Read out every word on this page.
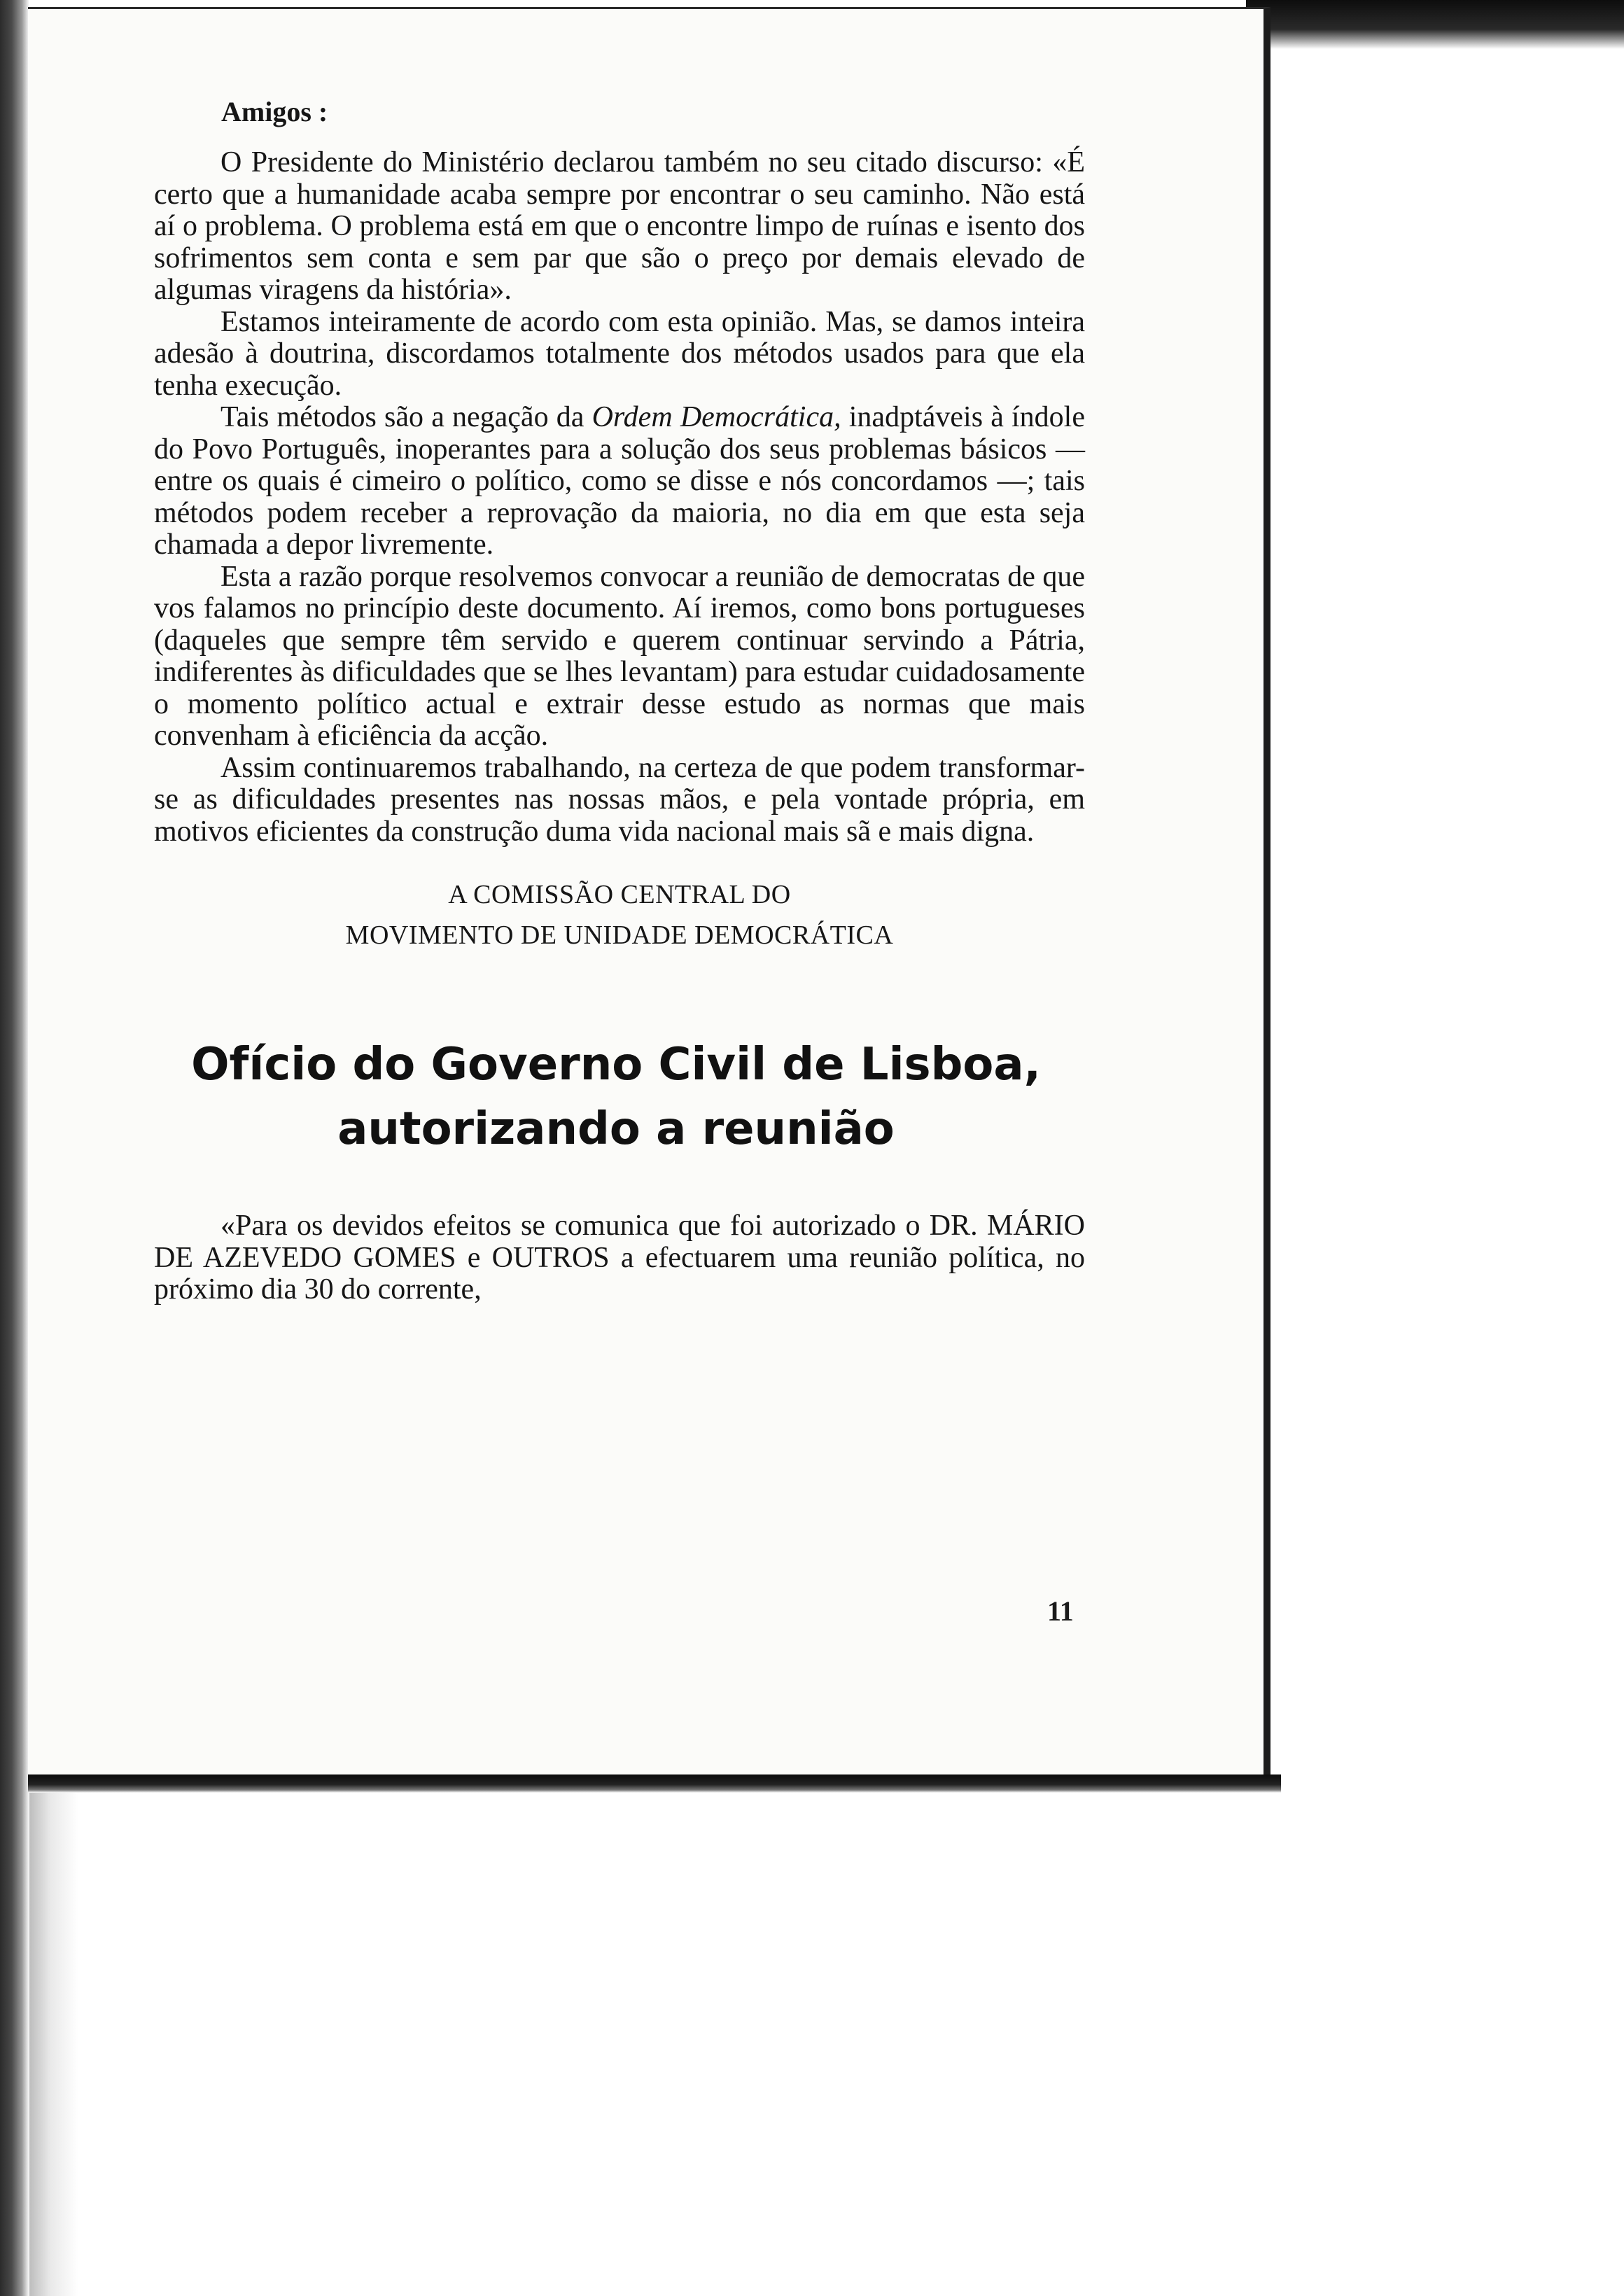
Amigos :

O Presidente do Ministério declarou também no seu citado discurso: «É certo que a humanidade acaba sempre por encontrar o seu caminho. Não está aí o problema. O problema está em que o encontre limpo de ruínas e isento dos sofrimentos sem conta e sem par que são o preço por demais elevado de algumas viragens da história».

Estamos inteiramente de acordo com esta opinião. Mas, se damos inteira adesão à doutrina, discordamos totalmente dos métodos usados para que ela tenha execução.

Tais métodos são a negação da Ordem Democrática, inadptáveis à índole do Povo Português, inoperantes para a solução dos seus problemas básicos — entre os quais é cimeiro o político, como se disse e nós concordamos —; tais métodos podem receber a reprovação da maioria, no dia em que esta seja chamada a depor livremente.

Esta a razão porque resolvemos convocar a reunião de democratas de que vos falamos no princípio deste documento. Aí iremos, como bons portugueses (daqueles que sempre têm servido e querem continuar servindo a Pátria, indiferentes às dificuldades que se lhes levantam) para estudar cuidadosamente o momento político actual e extrair desse estudo as normas que mais convenham à eficiência da acção.

Assim continuaremos trabalhando, na certeza de que podem transformar-se as dificuldades presentes nas nossas mãos, e pela vontade própria, em motivos eficientes da construção duma vida nacional mais sã e mais digna.

A COMISSÃO CENTRAL DO
MOVIMENTO DE UNIDADE DEMOCRÁTICA
Ofício do Governo Civil de Lisboa,
autorizando a reunião

«Para os devidos efeitos se comunica que foi autorizado o DR. MÁRIO DE AZEVEDO GOMES e OUTROS a efectuarem uma reunião política, no próximo dia 30 do corrente,

11
